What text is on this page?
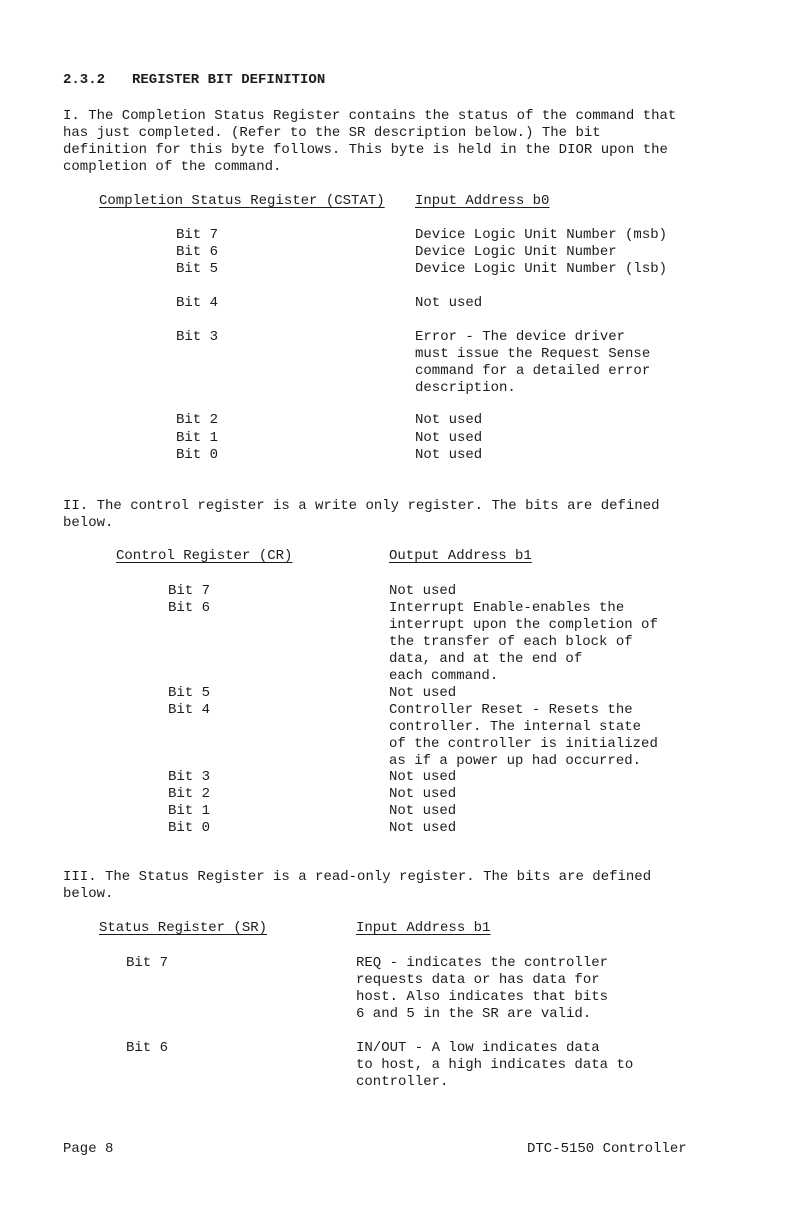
2.3.2 REGISTER BIT DEFINITION
I. The Completion Status Register contains the status of the command that
has just completed. (Refer to the SR description below.) The bit
definition for this byte follows. This byte is held in the DIOR upon the
completion of the command.
Completion Status Register (CSTAT) Input Address b0
Bit 7	Device Logic Unit Number (msb)
Bit 6	Device Logic Unit Number
Bit 5	Device Logic Unit Number (lsb)
Bit 4	Not used
Bit 3	Error - The device driver
must issue the Request Sense
command for a detailed error
description.
Bit 2	Not used
Bit 1	Not used
Bit 0	Not used
II. The control register is a write only register. The bits are defined
below.
Control Register (CR)	Output Address b1
Bit 7	Not used
Bit 6	Interrupt Enable-enables the
interrupt upon the completion of
the transfer of each block of
data, and at the end of
each command.
Bit 5	Not used
Bit 4	Controller Reset - Resets the
controller. The internal state
of the controller is initialized
as if a power up had occurred.
Bit 3	Not used
Bit 2	Not used
Bit 1	Not used
Bit 0	Not used
III. The Status Register is a read-only register. The bits are defined
below.
Status Register (SR)	Input Address b1
Bit 7	REQ - indicates the controller
requests data or has data for
host. Also indicates that bits
6 and 5 in the SR are valid.
Bit 6	IN/OUT - A low indicates data
to host, a high indicates data to
controller.
Page 8	DTC-5150 Controller
